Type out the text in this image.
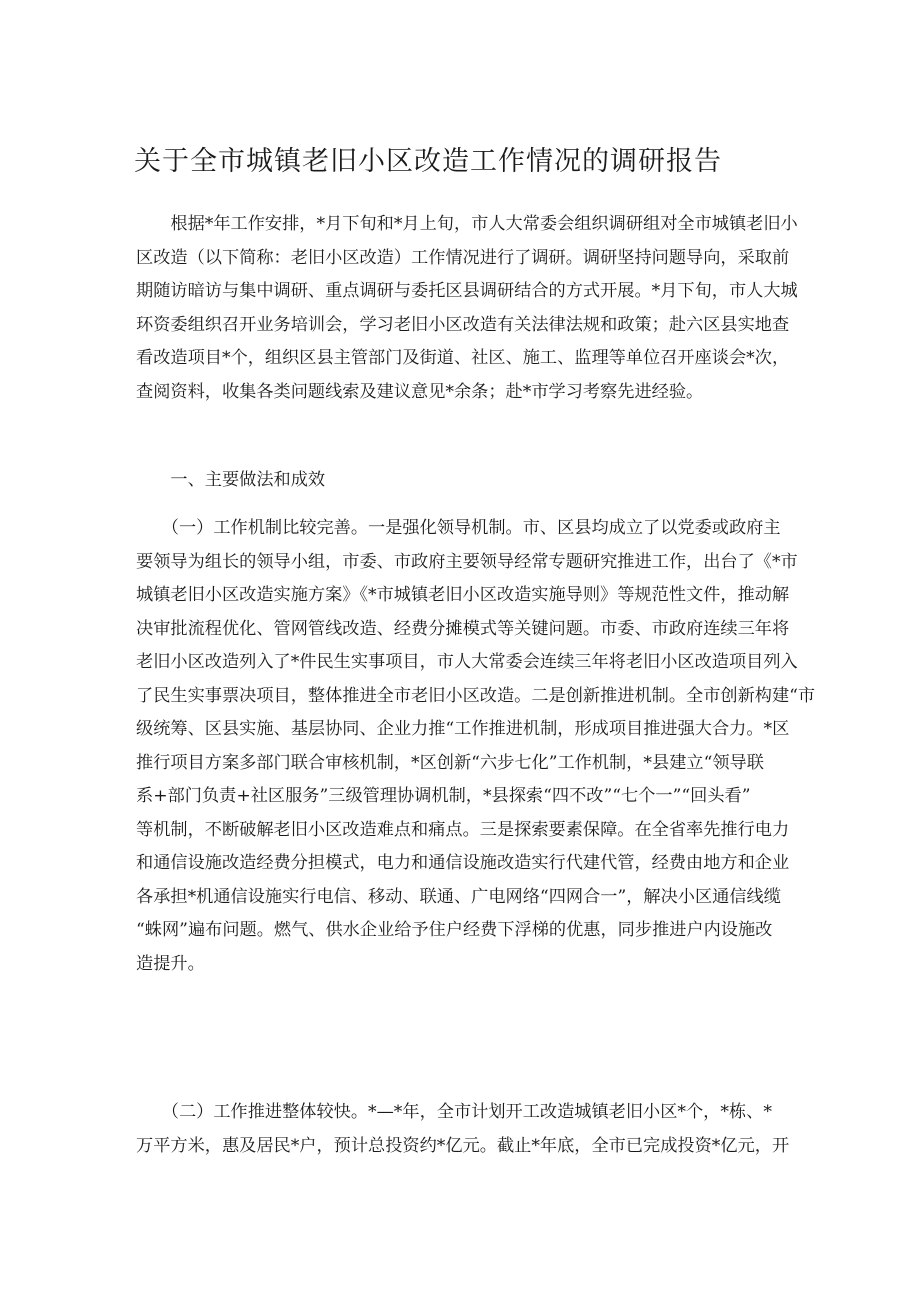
关于全市城镇老旧小区改造工作情况的调研报告
　　根据*年工作安排，*月下旬和*月上旬，市人大常委会组织调研组对全市城镇老旧小
区改造（以下简称：老旧小区改造）工作情况进行了调研。调研坚持问题导向，采取前
期随访暗访与集中调研、重点调研与委托区县调研结合的方式开展。*月下旬，市人大城
环资委组织召开业务培训会，学习老旧小区改造有关法律法规和政策；赴六区县实地查
看改造项目*个，组织区县主管部门及街道、社区、施工、监理等单位召开座谈会*次，
查阅资料，收集各类问题线索及建议意见*余条；赴*市学习考察先进经验。
　　一、主要做法和成效
　　（一）工作机制比较完善。一是强化领导机制。市、区县均成立了以党委或政府主
要领导为组长的领导小组，市委、市政府主要领导经常专题研究推进工作，出台了《*市
城镇老旧小区改造实施方案》《*市城镇老旧小区改造实施导则》等规范性文件，推动解
决审批流程优化、管网管线改造、经费分摊模式等关键问题。市委、市政府连续三年将
老旧小区改造列入了*件民生实事项目，市人大常委会连续三年将老旧小区改造项目列入
了民生实事票决项目，整体推进全市老旧小区改造。二是创新推进机制。全市创新构建“市
级统筹、区县实施、基层协同、企业力推“工作推进机制，形成项目推进强大合力。*区
推行项目方案多部门联合审核机制，*区创新“六步七化”工作机制，*县建立“领导联
系+部门负责+社区服务”三级管理协调机制，*县探索“四不改”“七个一”“回头看”
等机制，不断破解老旧小区改造难点和痛点。三是探索要素保障。在全省率先推行电力
和通信设施改造经费分担模式，电力和通信设施改造实行代建代管，经费由地方和企业
各承担*机通信设施实行电信、移动、联通、广电网络“四网合一”，解决小区通信线缆
“蛛网”遍布问题。燃气、供水企业给予住户经费下浮梯的优惠，同步推进户内设施改
造提升。
　　（二）工作推进整体较快。*—*年，全市计划开工改造城镇老旧小区*个，*栋、*
万平方米，惠及居民*户，预计总投资约*亿元。截止*年底，全市已完成投资*亿元，开
